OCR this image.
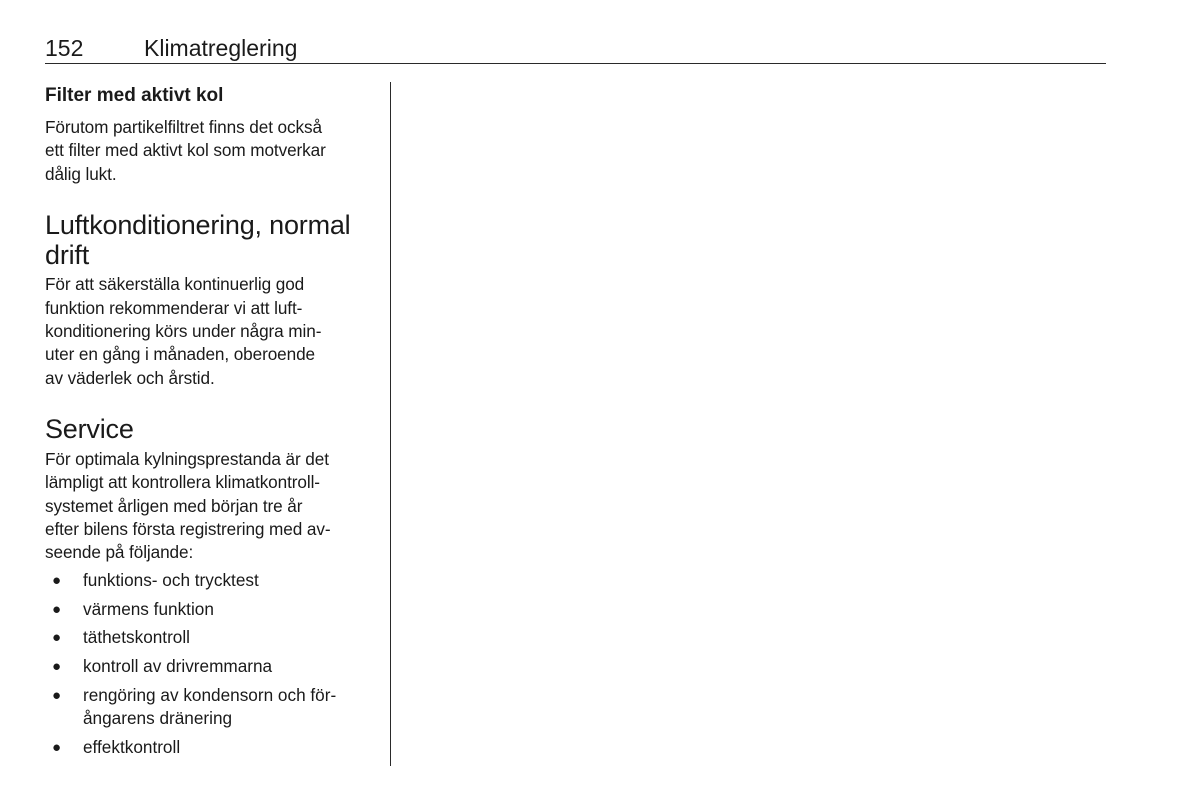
152	Klimatreglering
Filter med aktivt kol

Förutom partikelfiltret finns det också
ett filter med aktivt kol som motverkar
dålig lukt.

Luftkonditionering, normal
drift

För att säkerställa kontinuerlig god
funktion rekommenderar vi att luft-
konditionering körs under några min-
uter en gång i månaden, oberoende
av väderlek och årstid.

Service

För optimala kylningsprestanda är det
lämpligt att kontrollera klimatkontroll-
systemet årligen med början tre år
efter bilens första registrering med av-
seende på följande:

● funktions- och trycktest
● värmens funktion
● täthetskontroll
● kontroll av drivremmarna
● rengöring av kondensorn och för-
ångarens dränering
● effektkontroll
